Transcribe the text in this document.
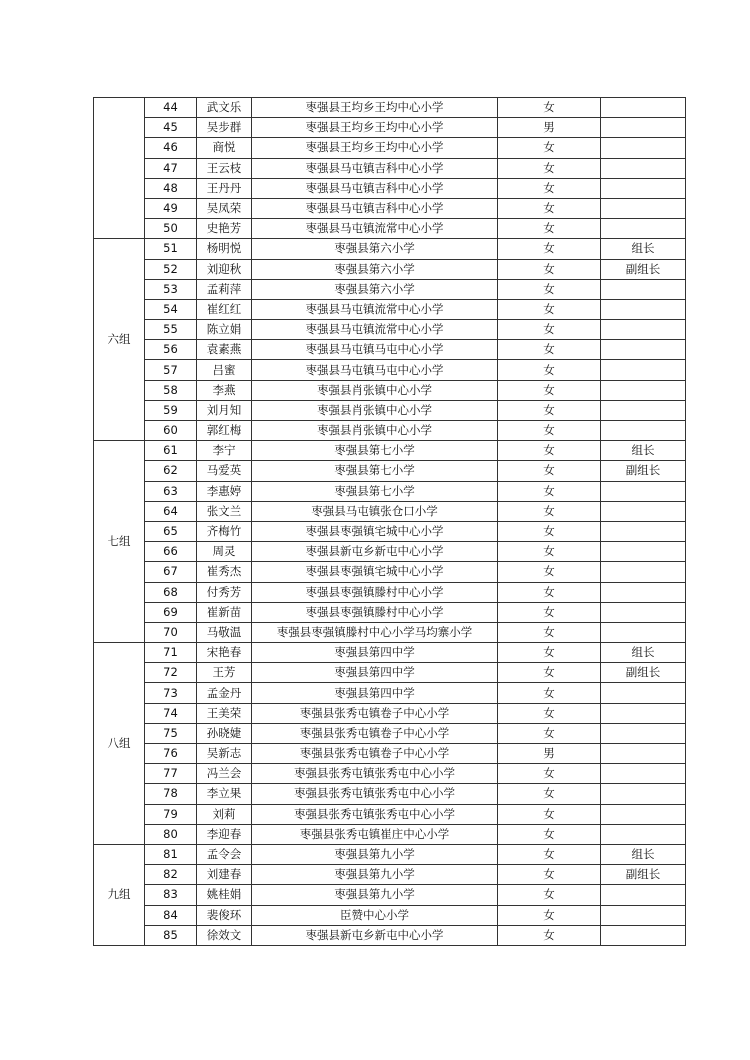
	44	武文乐	枣强县王均乡王均中心小学	女	
	45	吴步群	枣强县王均乡王均中心小学	男	
	46	商悦	枣强县王均乡王均中心小学	女	
	47	王云枝	枣强县马屯镇吉科中心小学	女	
	48	王丹丹	枣强县马屯镇吉科中心小学	女	
	49	吴凤荣	枣强县马屯镇吉科中心小学	女	
	50	史艳芳	枣强县马屯镇流常中心小学	女	
六组	51	杨明悦	枣强县第六小学	女	组长
	52	刘迎秋	枣强县第六小学	女	副组长
	53	孟莉萍	枣强县第六小学	女	
	54	崔红红	枣强县马屯镇流常中心小学	女	
	55	陈立娟	枣强县马屯镇流常中心小学	女	
	56	袁素燕	枣强县马屯镇马屯中心小学	女	
	57	吕蜜	枣强县马屯镇马屯中心小学	女	
	58	李燕	枣强县肖张镇中心小学	女	
	59	刘月知	枣强县肖张镇中心小学	女	
	60	郭红梅	枣强县肖张镇中心小学	女	
七组	61	李宁	枣强县第七小学	女	组长
	62	马爱英	枣强县第七小学	女	副组长
	63	李惠婷	枣强县第七小学	女	
	64	张文兰	枣强县马屯镇张仓口小学	女	
	65	齐梅竹	枣强县枣强镇宅城中心小学	女	
	66	周灵	枣强县新屯乡新屯中心小学	女	
	67	崔秀杰	枣强县枣强镇宅城中心小学	女	
	68	付秀芳	枣强县枣强镇滕村中心小学	女	
	69	崔新苗	枣强县枣强镇滕村中心小学	女	
	70	马敬温	枣强县枣强镇滕村中心小学马均寨小学	女	
八组	71	宋艳春	枣强县第四中学	女	组长
	72	王芳	枣强县第四中学	女	副组长
	73	孟金丹	枣强县第四中学	女	
	74	王美荣	枣强县张秀屯镇卷子中心小学	女	
	75	孙晓婕	枣强县张秀屯镇卷子中心小学	女	
	76	吴新志	枣强县张秀屯镇卷子中心小学	男	
	77	冯兰会	枣强县张秀屯镇张秀屯中心小学	女	
	78	李立果	枣强县张秀屯镇张秀屯中心小学	女	
	79	刘莉	枣强县张秀屯镇张秀屯中心小学	女	
	80	李迎春	枣强县张秀屯镇崔庄中心小学	女	
九组	81	孟令会	枣强县第九小学	女	组长
	82	刘建春	枣强县第九小学	女	副组长
	83	姚桂娟	枣强县第九小学	女	
	84	裴俊环	臣赞中心小学	女	
	85	徐效文	枣强县新屯乡新屯中心小学	女	
